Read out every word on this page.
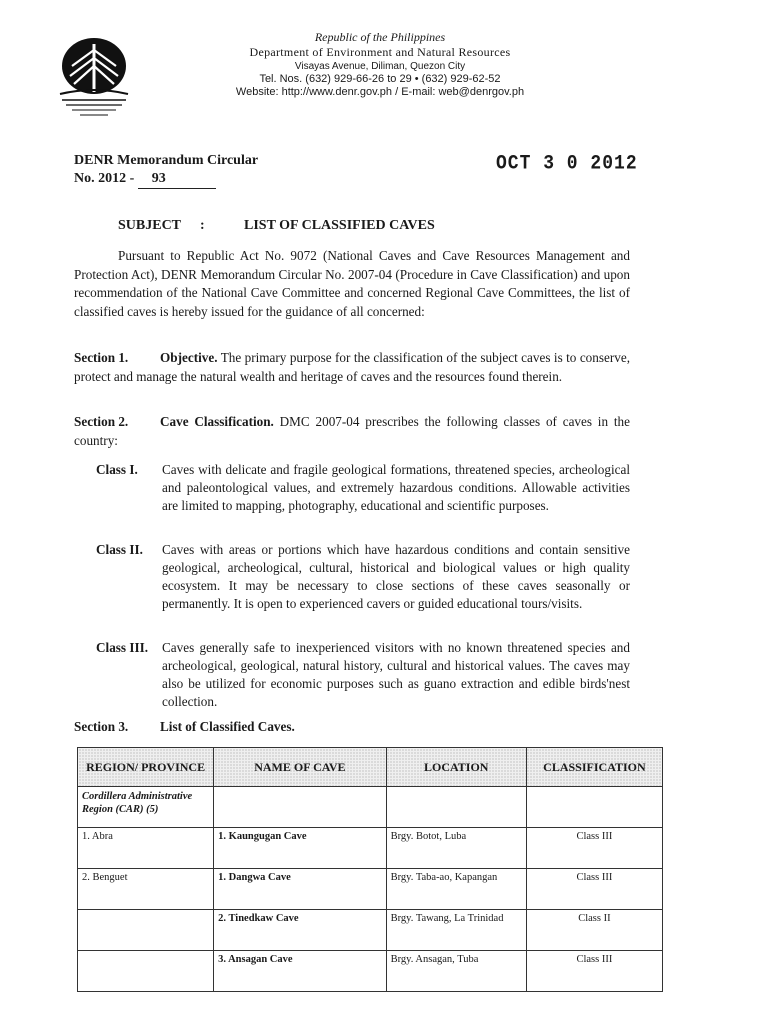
Republic of the Philippines
Department of Environment and Natural Resources
Visayas Avenue, Diliman, Quezon City
Tel. Nos. (632) 929-66-26 to 29 • (632) 929-62-52
Website: http://www.denr.gov.ph / E-mail: web@denrgov.ph
DENR Memorandum Circular
No. 2012 - 93
OCT 3 0 2012
SUBJECT :	LIST OF CLASSIFIED CAVES
Pursuant to Republic Act No. 9072 (National Caves and Cave Resources Management and Protection Act), DENR Memorandum Circular No. 2007-04 (Procedure in Cave Classification) and upon recommendation of the National Cave Committee and concerned Regional Cave Committees, the list of classified caves is hereby issued for the guidance of all concerned:
Section 1. Objective. The primary purpose for the classification of the subject caves is to conserve, protect and manage the natural wealth and heritage of caves and the resources found therein.
Section 2. Cave Classification. DMC 2007-04 prescribes the following classes of caves in the country:
Class I. Caves with delicate and fragile geological formations, threatened species, archeological and paleontological values, and extremely hazardous conditions. Allowable activities are limited to mapping, photography, educational and scientific purposes.
Class II. Caves with areas or portions which have hazardous conditions and contain sensitive geological, archeological, cultural, historical and biological values or high quality ecosystem. It may be necessary to close sections of these caves seasonally or permanently. It is open to experienced cavers or guided educational tours/visits.
Class III. Caves generally safe to inexperienced visitors with no known threatened species and archeological, geological, natural history, cultural and historical values. The caves may also be utilized for economic purposes such as guano extraction and edible birds'nest collection.
Section 3. List of Classified Caves.
REGION/ PROVINCE	NAME OF CAVE	LOCATION	CLASSIFICATION
Cordillera Administrative Region (CAR) (5)			
1. Abra	1. Kaungugan Cave	Brgy. Botot, Luba	Class III
2. Benguet	1. Dangwa Cave	Brgy. Taba-ao, Kapangan	Class III
	2. Tinedkaw Cave	Brgy. Tawang, La Trinidad	Class II
	3. Ansagan Cave	Brgy. Ansagan, Tuba	Class III
